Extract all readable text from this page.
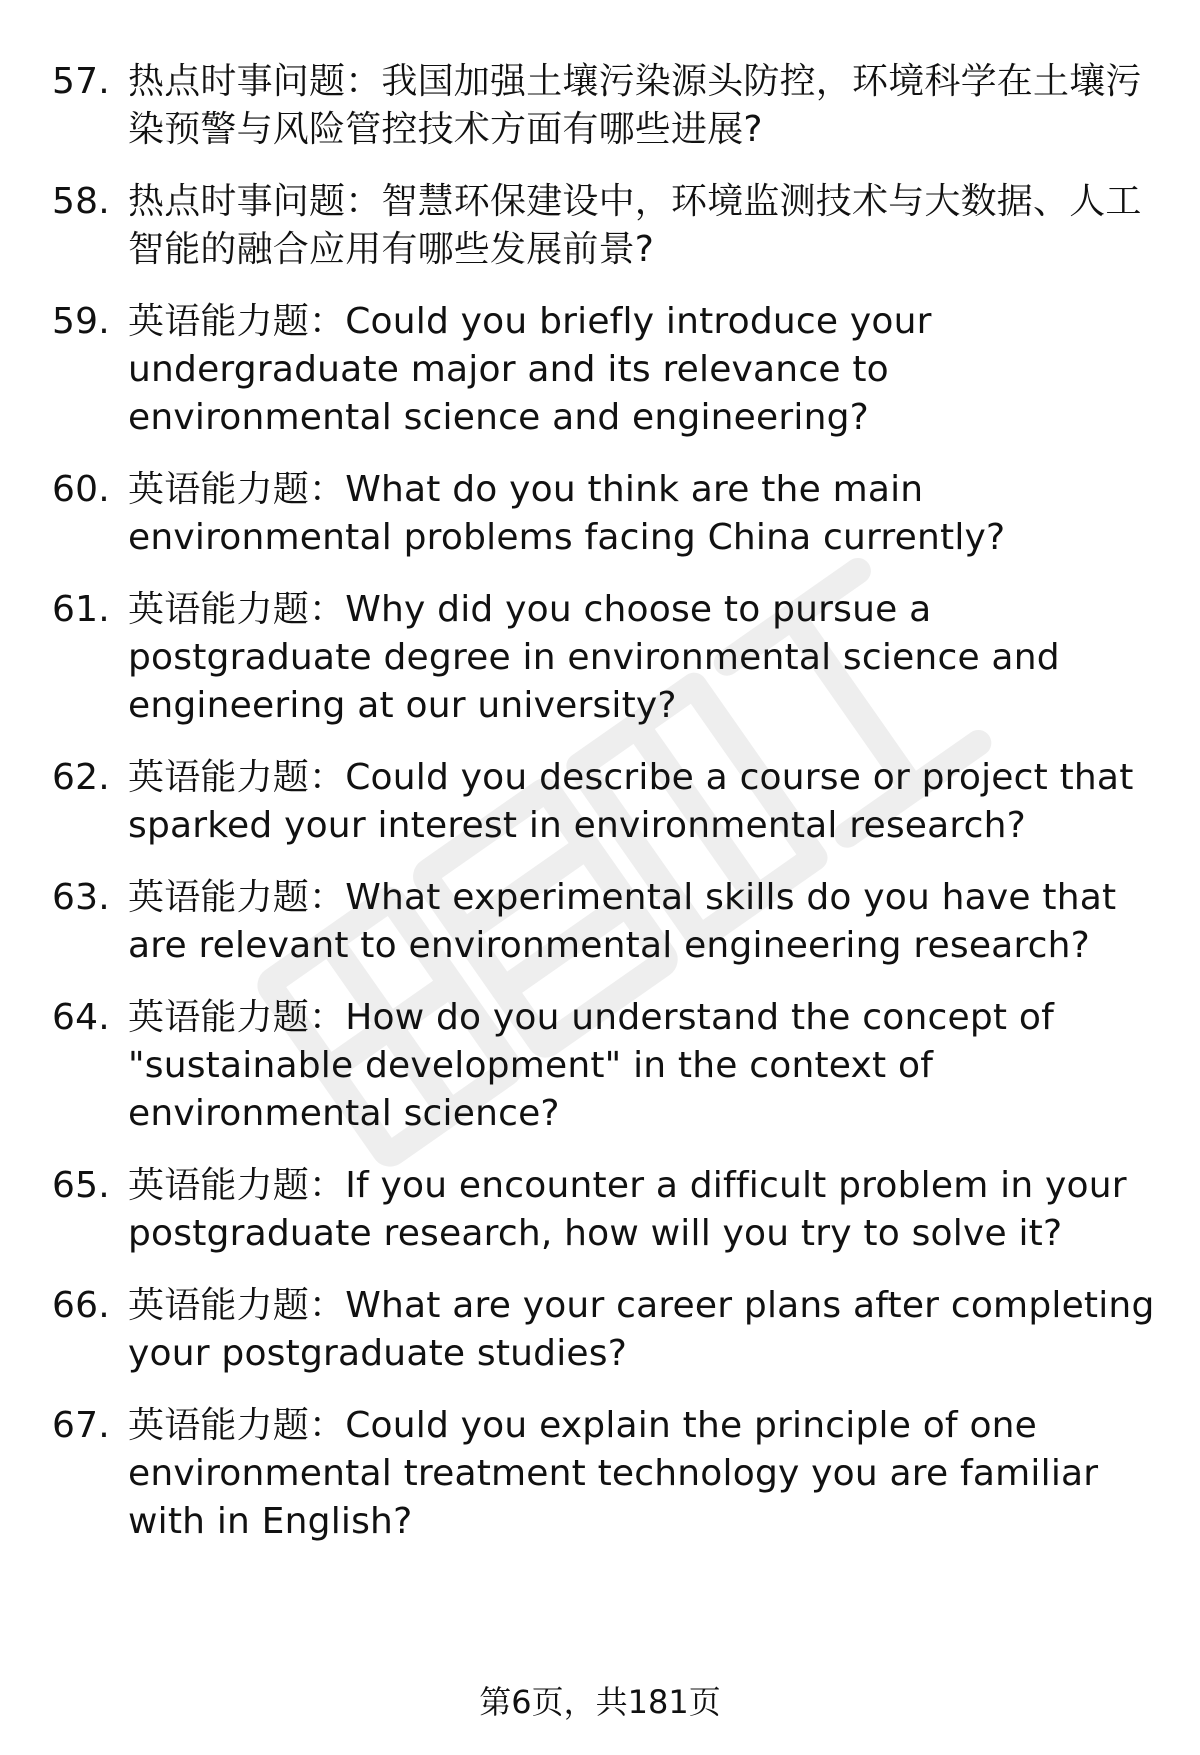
57. 热点时事问题：我国加强土壤污染源头防控，环境科学在土壤污染预警与风险管控技术方面有哪些进展?
58. 热点时事问题：智慧环保建设中，环境监测技术与大数据、人工智能的融合应用有哪些发展前景?
59. 英语能力题：Could you briefly introduce your undergraduate major and its relevance to environmental science and engineering?
60. 英语能力题：What do you think are the main environmental problems facing China currently?
61. 英语能力题：Why did you choose to pursue a postgraduate degree in environmental science and engineering at our university?
62. 英语能力题：Could you describe a course or project that sparked your interest in environmental research?
63. 英语能力题：What experimental skills do you have that are relevant to environmental engineering research?
64. 英语能力题：How do you understand the concept of "sustainable development" in the context of environmental science?
65. 英语能力题：If you encounter a difficult problem in your postgraduate research, how will you try to solve it?
66. 英语能力题：What are your career plans after completing your postgraduate studies?
67. 英语能力题：Could you explain the principle of one environmental treatment technology you are familiar with in English?
第6页，共181页
